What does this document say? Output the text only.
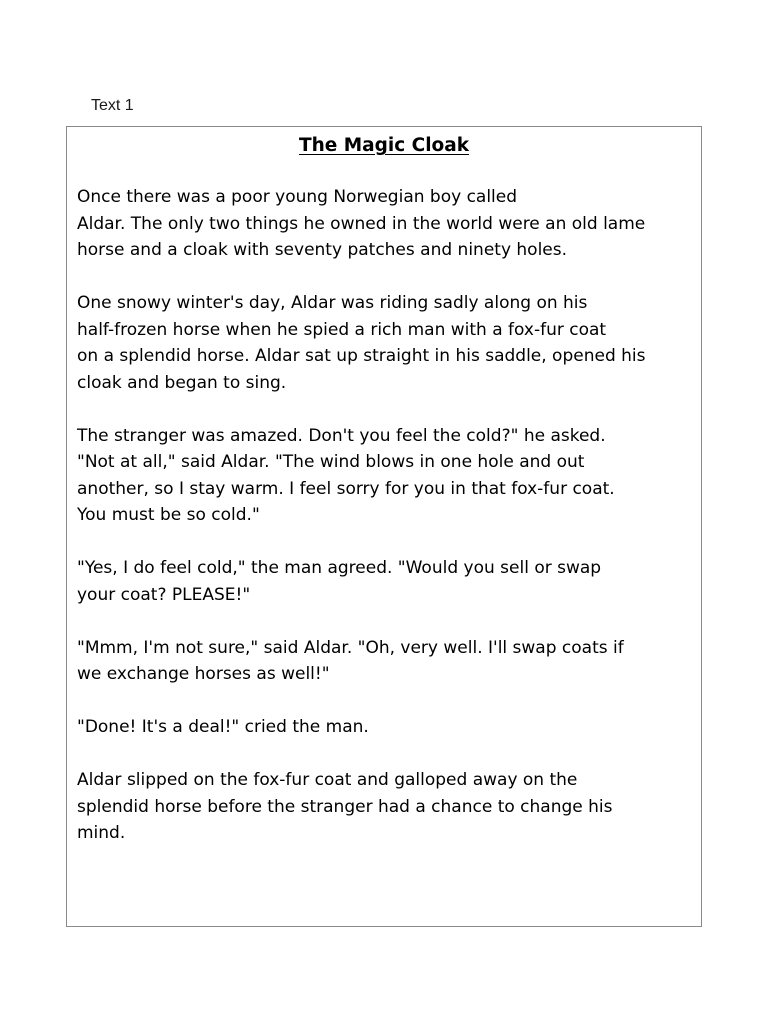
Text 1

The Magic Cloak

Once there was a poor young Norwegian boy called
Aldar. The only two things he owned in the world were an old lame
horse and a cloak with seventy patches and ninety holes.

One snowy winter's day, Aldar was riding sadly along on his
half-frozen horse when he spied a rich man with a fox-fur coat
on a splendid horse. Aldar sat up straight in his saddle, opened his
cloak and began to sing.

The stranger was amazed. Don't you feel the cold?" he asked.
"Not at all," said Aldar. "The wind blows in one hole and out
another, so I stay warm. I feel sorry for you in that fox-fur coat.
You must be so cold."

"Yes, I do feel cold," the man agreed. "Would you sell or swap
your coat? PLEASE!"

"Mmm, I'm not sure," said Aldar. "Oh, very well. I'll swap coats if
we exchange horses as well!"

"Done! It's a deal!" cried the man.

Aldar slipped on the fox-fur coat and galloped away on the
splendid horse before the stranger had a chance to change his
mind.
